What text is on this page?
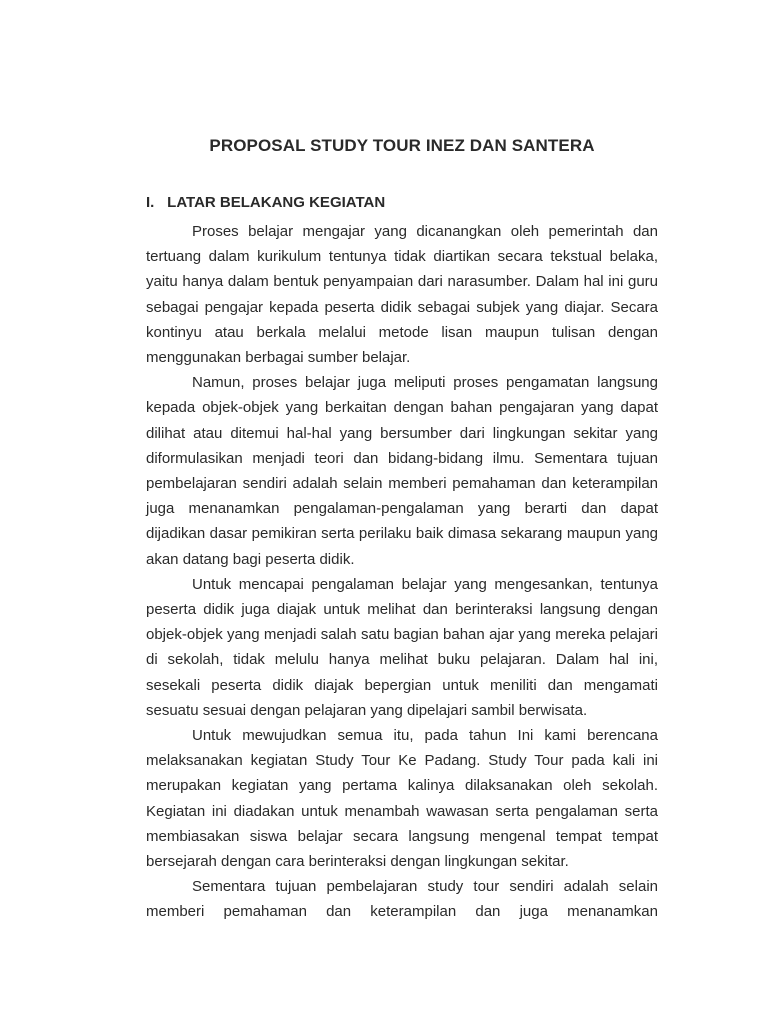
PROPOSAL STUDY TOUR INEZ DAN SANTERA
I. LATAR BELAKANG KEGIATAN

Proses belajar mengajar yang dicanangkan oleh pemerintah dan tertuang dalam kurikulum tentunya tidak diartikan secara tekstual belaka, yaitu hanya dalam bentuk penyampaian dari narasumber. Dalam hal ini guru sebagai pengajar kepada peserta didik sebagai subjek yang diajar. Secara kontinyu atau berkala melalui metode lisan maupun tulisan dengan menggunakan berbagai sumber belajar.

Namun, proses belajar juga meliputi proses pengamatan langsung kepada objek-objek yang berkaitan dengan bahan pengajaran yang dapat dilihat atau ditemui hal-hal yang bersumber dari lingkungan sekitar yang diformulasikan menjadi teori dan bidang-bidang ilmu. Sementara tujuan pembelajaran sendiri adalah selain memberi pemahaman dan keterampilan juga menanamkan pengalaman-pengalaman yang berarti dan dapat dijadikan dasar pemikiran serta perilaku baik dimasa sekarang maupun yang akan datang bagi peserta didik.

Untuk mencapai pengalaman belajar yang mengesankan, tentunya peserta didik juga diajak untuk melihat dan berinteraksi langsung dengan objek-objek yang menjadi salah satu bagian bahan ajar yang mereka pelajari di sekolah, tidak melulu hanya melihat buku pelajaran. Dalam hal ini, sesekali peserta didik diajak bepergian untuk meniliti dan mengamati sesuatu sesuai dengan pelajaran yang dipelajari sambil berwisata.

Untuk mewujudkan semua itu, pada tahun Ini kami berencana melaksanakan kegiatan Study Tour Ke Padang. Study Tour pada kali ini merupakan kegiatan yang pertama kalinya dilaksanakan oleh sekolah. Kegiatan ini diadakan untuk menambah wawasan serta pengalaman serta membiasakan siswa belajar secara langsung mengenal tempat tempat bersejarah dengan cara berinteraksi dengan lingkungan sekitar.

Sementara tujuan pembelajaran study tour sendiri adalah selain memberi pemahaman dan keterampilan dan juga menanamkan
